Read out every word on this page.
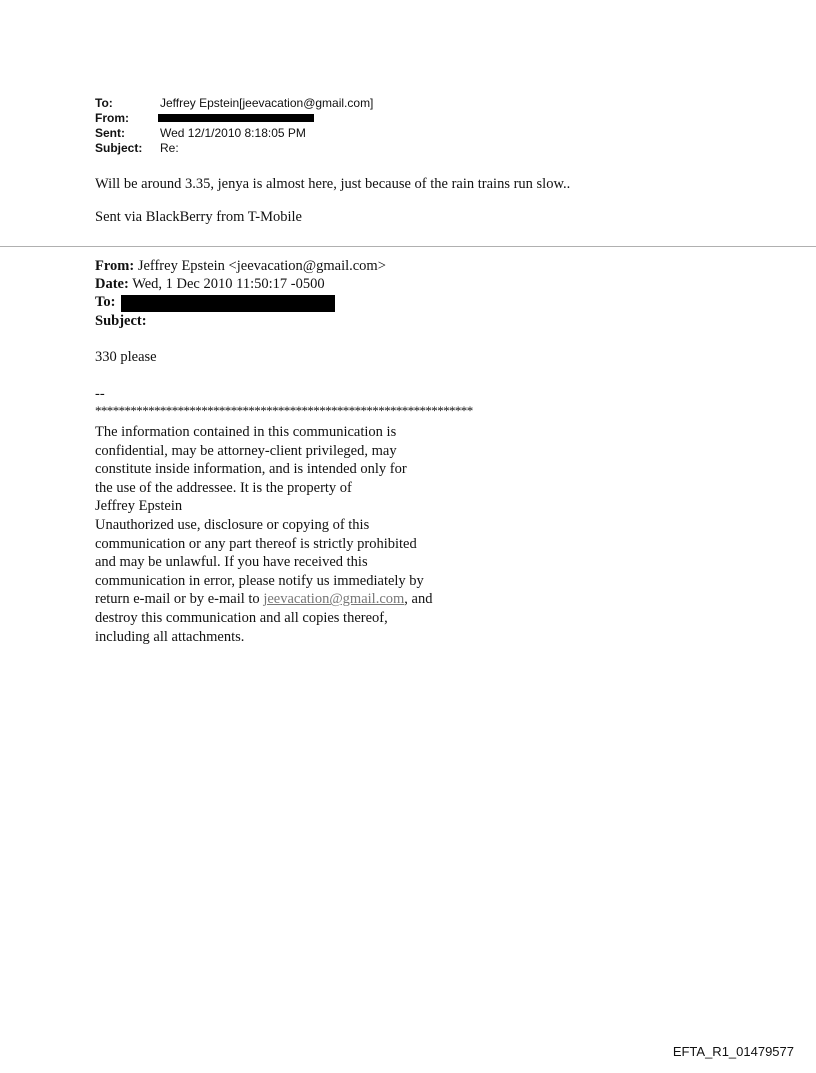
To:	Jeffrey Epstein[jeevacation@gmail.com]
From:
Sent:	Wed 12/1/2010 8:18:05 PM
Subject: Re:
Will be around 3.35, jenya is almost here, just because of the rain trains run slow..
Sent via BlackBerry from T-Mobile
From: Jeffrey Epstein <jeevacation@gmail.com>
Date: Wed, 1 Dec 2010 11:50:17 -0500
To:
Subject:
330 please
--
****************************************************************
The information contained in this communication is
confidential, may be attorney-client privileged, may
constitute inside information, and is intended only for
the use of the addressee. It is the property of
Jeffrey Epstein
Unauthorized use, disclosure or copying of this
communication or any part thereof is strictly prohibited
and may be unlawful. If you have received this
communication in error, please notify us immediately by
return e-mail or by e-mail to jeevacation@gmail.com, and
destroy this communication and all copies thereof,
including all attachments.
EFTA_R1_01479577
